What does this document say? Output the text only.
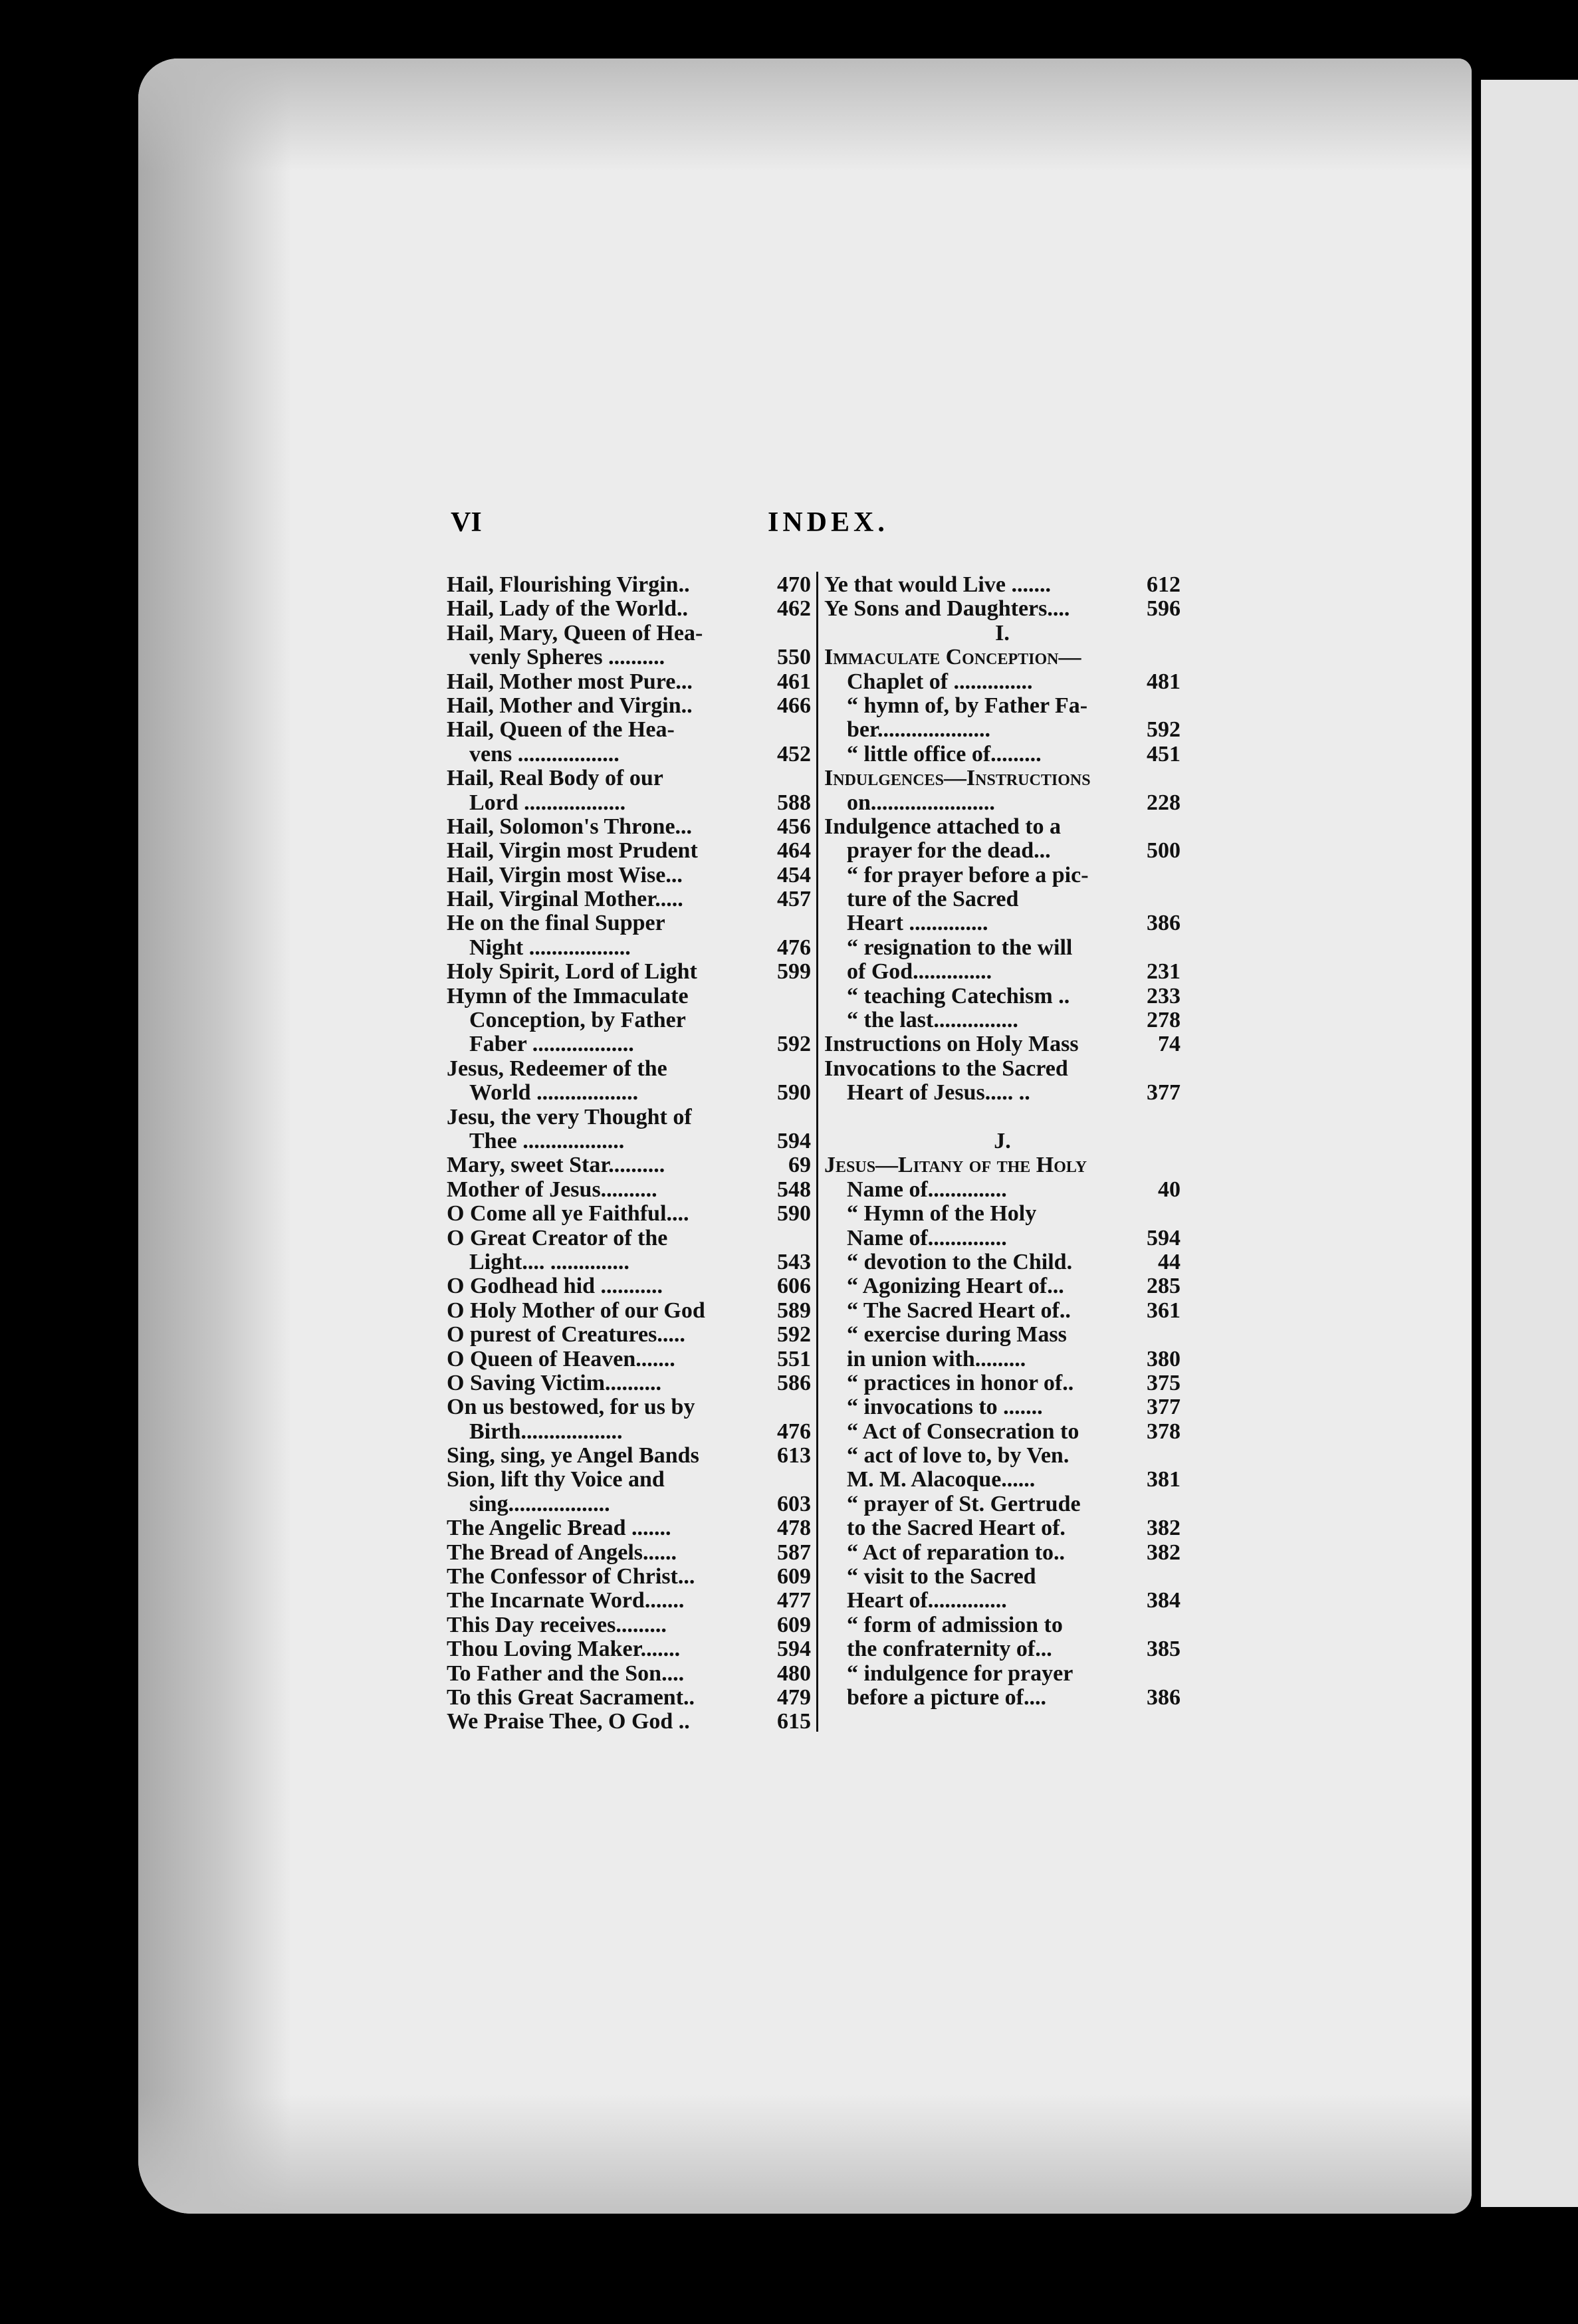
VI	INDEX.
Hail, Flourishing Virgin..	470
Hail, Lady of the World..	462
Hail, Mary, Queen of Hea-
venly Spheres ..........	550
Hail, Mother most Pure...	461
Hail, Mother and Virgin..	466
Hail, Queen of the Hea-
vens ..................	452
Hail, Real Body of our
Lord ..................	588
Hail, Solomon's Throne...	456
Hail, Virgin most Prudent	464
Hail, Virgin most Wise...	454
Hail, Virginal Mother.....	457
He on the final Supper
Night ..................	476
Holy Spirit, Lord of Light	599
Hymn of the Immaculate
Conception, by Father
Faber ..................	592
Jesus, Redeemer of the
World ..................	590
Jesu, the very Thought of
Thee ..................	594
Mary, sweet Star..........	69
Mother of Jesus..........	548
O Come all ye Faithful....	590
O Great Creator of the
Light.... ..............	543
O Godhead hid ...........	606
O Holy Mother of our God	589
O purest of Creatures.....	592
O Queen of Heaven.......	551
O Saving Victim..........	586
On us bestowed, for us by
Birth..................	476
Sing, sing, ye Angel Bands	613
Sion, lift thy Voice and
sing..................	603
The Angelic Bread .......	478
The Bread of Angels......	587
The Confessor of Christ...	609
The Incarnate Word.......	477
This Day receives.........	609
Thou Loving Maker.......	594
To Father and the Son....	480
To this Great Sacrament..	479
We Praise Thee, O God ..	615
Ye that would Live .......	612
Ye Sons and Daughters....	596
I.
Immaculate Conception—
Chaplet of ..............	481
“ hymn of, by Father Fa-
ber....................	592
“ little office of.........	451
Indulgences—Instructions
on......................	228
Indulgence attached to a
prayer for the dead...	500
“ for prayer before a pic-
ture of the Sacred
Heart ..............	386
“ resignation to the will
of God..............	231
“ teaching Catechism ..	233
“ the last...............	278
Instructions on Holy Mass	74
Invocations to the Sacred
Heart of Jesus..... ..	377
J.
Jesus—Litany of the Holy
Name of..............	40
“ Hymn of the Holy
Name of..............	594
“ devotion to the Child.	44
“ Agonizing Heart of...	285
“ The Sacred Heart of..	361
“ exercise during Mass
in union with.........	380
“ practices in honor of..	375
“ invocations to .......	377
“ Act of Consecration to	378
“ act of love to, by Ven.
M. M. Alacoque......	381
“ prayer of St. Gertrude
to the Sacred Heart of.	382
“ Act of reparation to..	382
“ visit to the Sacred
Heart of..............	384
“ form of admission to
the confraternity of...	385
“ indulgence for prayer
before a picture of....	386
